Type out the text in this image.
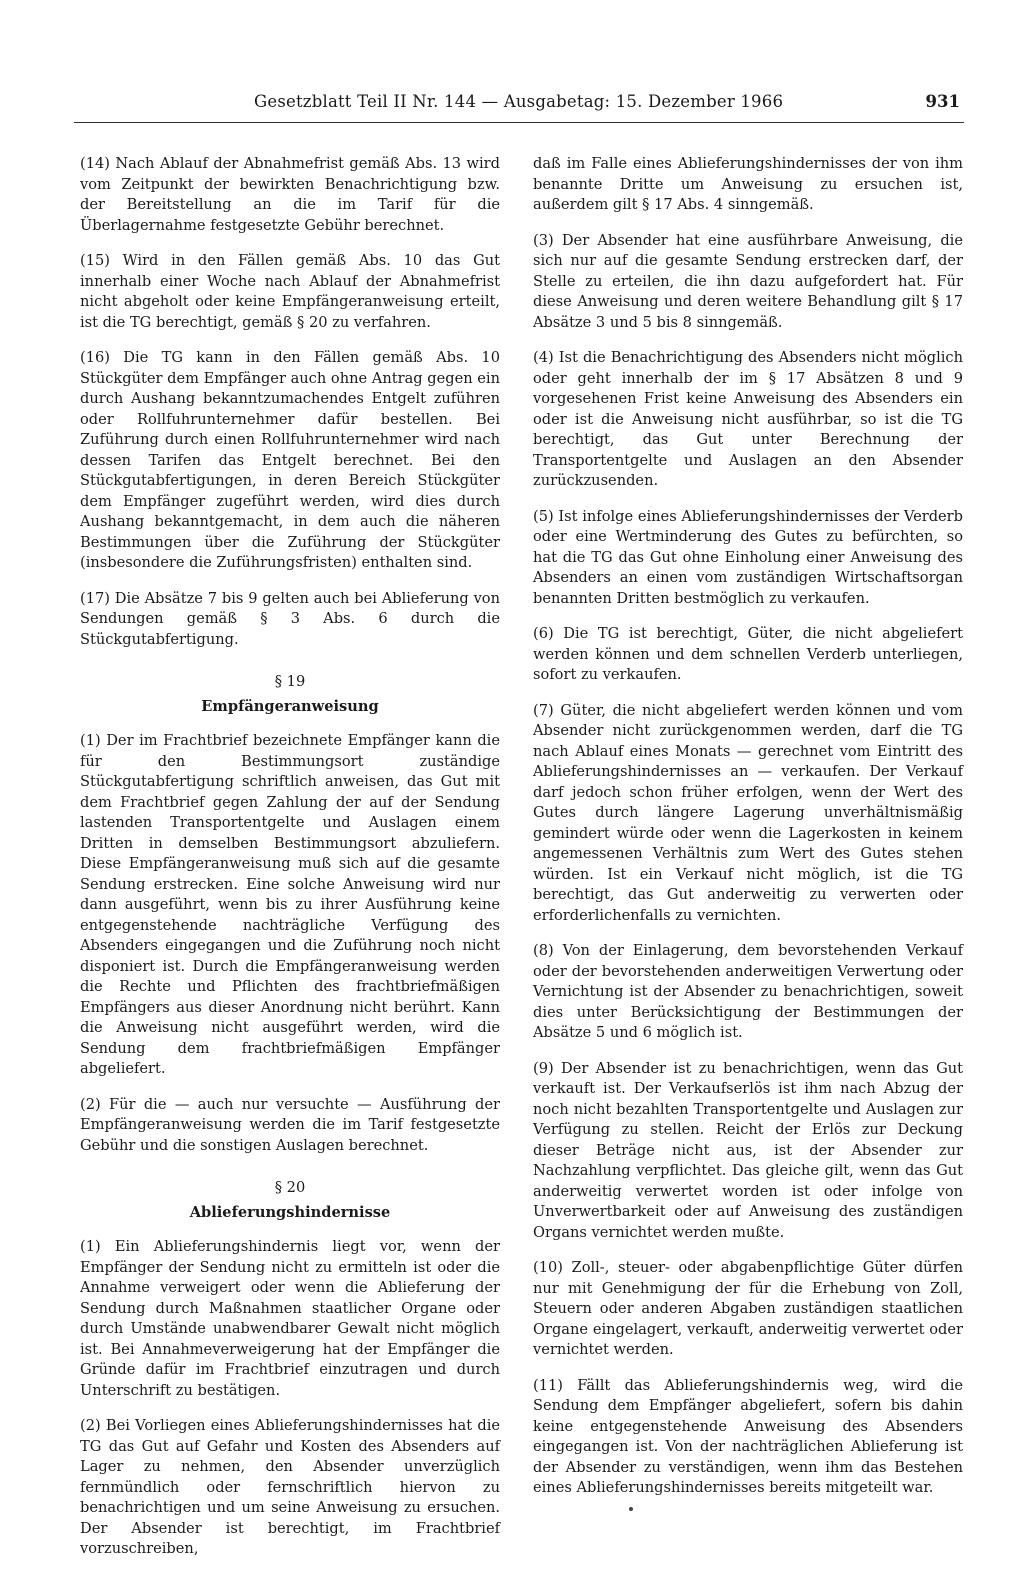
Gesetzblatt Teil II Nr. 144 — Ausgabetag: 15. Dezember 1966	931

(14) Nach Ablauf der Abnahmefrist gemäß Abs. 13 wird vom Zeitpunkt der bewirkten Benachrichtigung bzw. der Bereitstellung an die im Tarif für die Überlagernahme festgesetzte Gebühr berechnet.

(15) Wird in den Fällen gemäß Abs. 10 das Gut innerhalb einer Woche nach Ablauf der Abnahmefrist nicht abgeholt oder keine Empfängeranweisung erteilt, ist die TG berechtigt, gemäß § 20 zu verfahren.

(16) Die TG kann in den Fällen gemäß Abs. 10 Stückgüter dem Empfänger auch ohne Antrag gegen ein durch Aushang bekanntzumachendes Entgelt zuführen oder Rollfuhrunternehmer dafür bestellen. Bei Zuführung durch einen Rollfuhrunternehmer wird nach dessen Tarifen das Entgelt berechnet. Bei den Stückgutabfertigungen, in deren Bereich Stückgüter dem Empfänger zugeführt werden, wird dies durch Aushang bekanntgemacht, in dem auch die näheren Bestimmungen über die Zuführung der Stückgüter (insbesondere die Zuführungsfristen) enthalten sind.

(17) Die Absätze 7 bis 9 gelten auch bei Ablieferung von Sendungen gemäß § 3 Abs. 6 durch die Stückgutabfertigung.

§ 19
Empfängeranweisung

(1) Der im Frachtbrief bezeichnete Empfänger kann die für den Bestimmungsort zuständige Stückgutabfertigung schriftlich anweisen, das Gut mit dem Frachtbrief gegen Zahlung der auf der Sendung lastenden Transportentgelte und Auslagen einem Dritten in demselben Bestimmungsort abzuliefern. Diese Empfängeranweisung muß sich auf die gesamte Sendung erstrecken. Eine solche Anweisung wird nur dann ausgeführt, wenn bis zu ihrer Ausführung keine entgegenstehende nachträgliche Verfügung des Absenders eingegangen und die Zuführung noch nicht disponiert ist. Durch die Empfängeranweisung werden die Rechte und Pflichten des frachtbriefmäßigen Empfängers aus dieser Anordnung nicht berührt. Kann die Anweisung nicht ausgeführt werden, wird die Sendung dem frachtbriefmäßigen Empfänger abgeliefert.

(2) Für die — auch nur versuchte — Ausführung der Empfängeranweisung werden die im Tarif festgesetzte Gebühr und die sonstigen Auslagen berechnet.

§ 20
Ablieferungshindernisse

(1) Ein Ablieferungshindernis liegt vor, wenn der Empfänger der Sendung nicht zu ermitteln ist oder die Annahme verweigert oder wenn die Ablieferung der Sendung durch Maßnahmen staatlicher Organe oder durch Umstände unabwendbarer Gewalt nicht möglich ist. Bei Annahmeverweigerung hat der Empfänger die Gründe dafür im Frachtbrief einzutragen und durch Unterschrift zu bestätigen.

(2) Bei Vorliegen eines Ablieferungshindernisses hat die TG das Gut auf Gefahr und Kosten des Absenders auf Lager zu nehmen, den Absender unverzüglich fernmündlich oder fernschriftlich hiervon zu benachrichtigen und um seine Anweisung zu ersuchen. Der Absender ist berechtigt, im Frachtbrief vorzuschreiben,

daß im Falle eines Ablieferungshindernisses der von ihm benannte Dritte um Anweisung zu ersuchen ist, außerdem gilt § 17 Abs. 4 sinngemäß.

(3) Der Absender hat eine ausführbare Anweisung, die sich nur auf die gesamte Sendung erstrecken darf, der Stelle zu erteilen, die ihn dazu aufgefordert hat. Für diese Anweisung und deren weitere Behandlung gilt § 17 Absätze 3 und 5 bis 8 sinngemäß.

(4) Ist die Benachrichtigung des Absenders nicht möglich oder geht innerhalb der im § 17 Absätzen 8 und 9 vorgesehenen Frist keine Anweisung des Absenders ein oder ist die Anweisung nicht ausführbar, so ist die TG berechtigt, das Gut unter Berechnung der Transportentgelte und Auslagen an den Absender zurückzusenden.

(5) Ist infolge eines Ablieferungshindernisses der Verderb oder eine Wertminderung des Gutes zu befürchten, so hat die TG das Gut ohne Einholung einer Anweisung des Absenders an einen vom zuständigen Wirtschaftsorgan benannten Dritten bestmöglich zu verkaufen.

(6) Die TG ist berechtigt, Güter, die nicht abgeliefert werden können und dem schnellen Verderb unterliegen, sofort zu verkaufen.

(7) Güter, die nicht abgeliefert werden können und vom Absender nicht zurückgenommen werden, darf die TG nach Ablauf eines Monats — gerechnet vom Eintritt des Ablieferungshindernisses an — verkaufen. Der Verkauf darf jedoch schon früher erfolgen, wenn der Wert des Gutes durch längere Lagerung unverhältnismäßig gemindert würde oder wenn die Lagerkosten in keinem angemessenen Verhältnis zum Wert des Gutes stehen würden. Ist ein Verkauf nicht möglich, ist die TG berechtigt, das Gut anderweitig zu verwerten oder erforderlichenfalls zu vernichten.

(8) Von der Einlagerung, dem bevorstehenden Verkauf oder der bevorstehenden anderweitigen Verwertung oder Vernichtung ist der Absender zu benachrichtigen, soweit dies unter Berücksichtigung der Bestimmungen der Absätze 5 und 6 möglich ist.

(9) Der Absender ist zu benachrichtigen, wenn das Gut verkauft ist. Der Verkaufserlös ist ihm nach Abzug der noch nicht bezahlten Transportentgelte und Auslagen zur Verfügung zu stellen. Reicht der Erlös zur Deckung dieser Beträge nicht aus, ist der Absender zur Nachzahlung verpflichtet. Das gleiche gilt, wenn das Gut anderweitig verwertet worden ist oder infolge von Unverwertbarkeit oder auf Anweisung des zuständigen Organs vernichtet werden mußte.

(10) Zoll-, steuer- oder abgabenpflichtige Güter dürfen nur mit Genehmigung der für die Erhebung von Zoll, Steuern oder anderen Abgaben zuständigen staatlichen Organe eingelagert, verkauft, anderweitig verwertet oder vernichtet werden.

(11) Fällt das Ablieferungshindernis weg, wird die Sendung dem Empfänger abgeliefert, sofern bis dahin keine entgegenstehende Anweisung des Absenders eingegangen ist. Von der nachträglichen Ablieferung ist der Absender zu verständigen, wenn ihm das Bestehen eines Ablieferungshindernisses bereits mitgeteilt war.
